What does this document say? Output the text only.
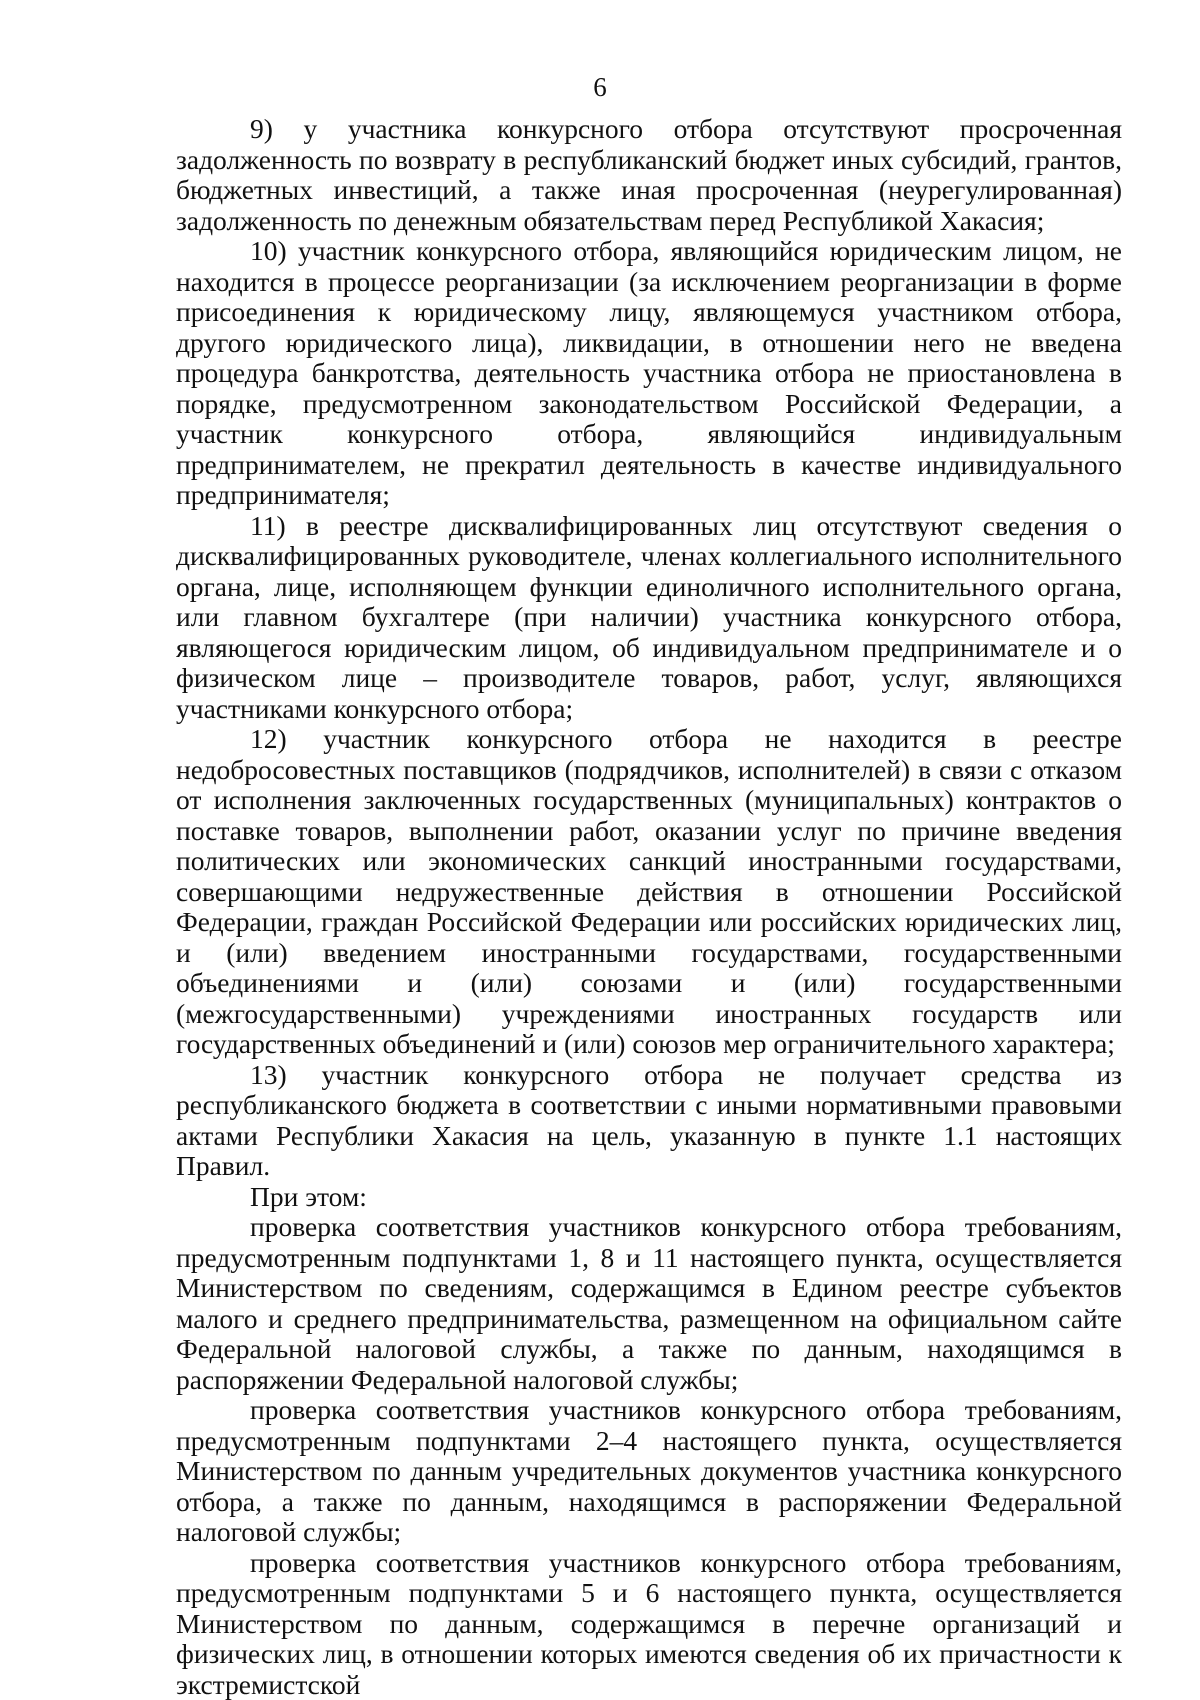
6

9) у участника конкурсного отбора отсутствуют просроченная задолженность по возврату в республиканский бюджет иных субсидий, грантов, бюджетных инвестиций, а также иная просроченная (неурегулированная) задолженность по денежным обязательствам перед Республикой Хакасия;

10) участник конкурсного отбора, являющийся юридическим лицом, не находится в процессе реорганизации (за исключением реорганизации в форме присоединения к юридическому лицу, являющемуся участником отбора, другого юридического лица), ликвидации, в отношении него не введена процедура банкротства, деятельность участника отбора не приостановлена в порядке, предусмотренном законодательством Российской Федерации, а участник конкурсного отбора, являющийся индивидуальным предпринимателем, не прекратил деятельность в качестве индивидуального предпринимателя;

11) в реестре дисквалифицированных лиц отсутствуют сведения о дисквалифицированных руководителе, членах коллегиального исполнительного органа, лице, исполняющем функции единоличного исполнительного органа, или главном бухгалтере (при наличии) участника конкурсного отбора, являющегося юридическим лицом, об индивидуальном предпринимателе и о физическом лице – производителе товаров, работ, услуг, являющихся участниками конкурсного отбора;

12) участник конкурсного отбора не находится в реестре недобросовестных поставщиков (подрядчиков, исполнителей) в связи с отказом от исполнения заключенных государственных (муниципальных) контрактов о поставке товаров, выполнении работ, оказании услуг по причине введения политических или экономических санкций иностранными государствами, совершающими недружественные действия в отношении Российской Федерации, граждан Российской Федерации или российских юридических лиц, и (или) введением иностранными государствами, государственными объединениями и (или) союзами и (или) государственными (межгосударственными) учреждениями иностранных государств или государственных объединений и (или) союзов мер ограничительного характера;

13) участник конкурсного отбора не получает средства из республиканского бюджета в соответствии с иными нормативными правовыми актами Республики Хакасия на цель, указанную в пункте 1.1 настоящих Правил.

При этом:

проверка соответствия участников конкурсного отбора требованиям, предусмотренным подпунктами 1, 8 и 11 настоящего пункта, осуществляется Министерством по сведениям, содержащимся в Едином реестре субъектов малого и среднего предпринимательства, размещенном на официальном сайте Федеральной налоговой службы, а также по данным, находящимся в распоряжении Федеральной налоговой службы;

проверка соответствия участников конкурсного отбора требованиям, предусмотренным подпунктами 2–4 настоящего пункта, осуществляется Министерством по данным учредительных документов участника конкурсного отбора, а также по данным, находящимся в распоряжении Федеральной налоговой службы;

проверка соответствия участников конкурсного отбора требованиям, предусмотренным подпунктами 5 и 6 настоящего пункта, осуществляется Министерством по данным, содержащимся в перечне организаций и физических лиц, в отношении которых имеются сведения об их причастности к экстремистской
